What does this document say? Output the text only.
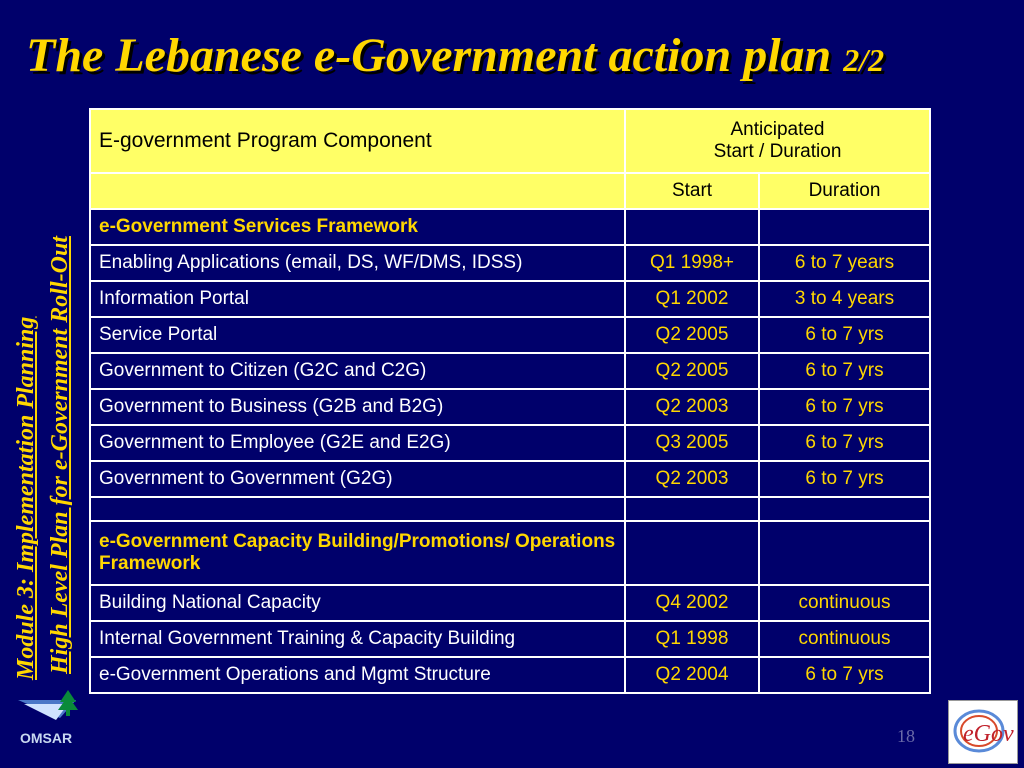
The Lebanese e-Government action plan 2/2
Module 3: Implementation Planning High Level Plan for e-Government Roll-Out
E-government Program Component	Anticipated
Start / Duration	

	Start	Duration
e-Government Services Framework		
Enabling Applications (email, DS, WF/DMS, IDSS)	Q1 1998+	6 to 7 years
Information Portal	Q1 2002	3 to 4 years
Service Portal	Q2 2005	6 to 7 yrs
Government to Citizen (G2C and C2G)	Q2 2005	6 to 7 yrs
Government to Business (G2B and B2G)	Q2 2003	6 to 7 yrs
Government to Employee (G2E and E2G)	Q3 2005	6 to 7 yrs
Government to Government (G2G)	Q2 2003	6 to 7 yrs

e-Government Capacity Building/Promotions/ Operations Framework		
Building National Capacity	Q4 2002	continuous
Internal Government Training & Capacity Building	Q1 1998	continuous
e-Government Operations and Mgmt Structure	Q2 2004	6 to 7 yrs
OMSAR	18 eGov
